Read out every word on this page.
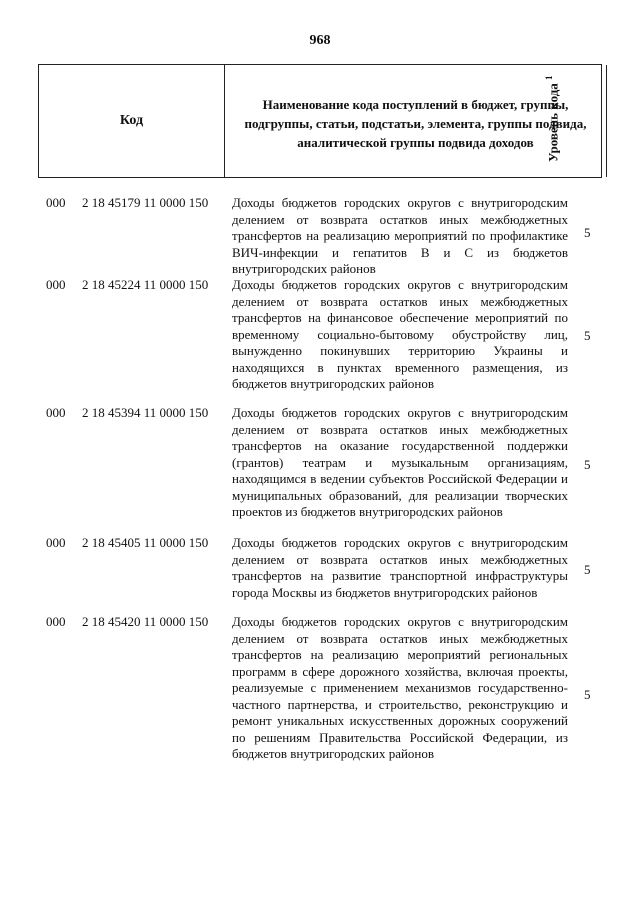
968
Код
Наименование кода поступлений в бюджет, группы, подгруппы, статьи, подстатьи, элемента, группы подвида, аналитической группы подвида доходов Уровень кода $^1$
000 2 18 45179 11 0000 150 Доходы бюджетов городских округов с внутригородским делением от возврата остатков иных межбюджетных трансфертов на реализацию мероприятий по профилактике ВИЧ-инфекции и гепатитов В и С из бюджетов внутригородских районов
5
000 2 18 45224 11 0000 150 Доходы бюджетов городских округов с внутригородским делением от возврата остатков иных межбюджетных трансфертов на финансовое обеспечение мероприятий по временному социально-бытовому обустройству лиц, вынужденно покинувших территорию Украины и находящихся в пунктах временного размещения, из бюджетов внутригородских районов
5
000 2 18 45394 11 0000 150 Доходы бюджетов городских округов с внутригородским делением от возврата остатков иных межбюджетных трансфертов на оказание государственной поддержки (грантов) театрам и музыкальным организациям, находящимся в ведении субъектов Российской Федерации и муниципальных образований, для реализации творческих проектов из бюджетов внутригородских районов
5
000 2 18 45405 11 0000 150 Доходы бюджетов городских округов с внутригородским делением от возврата остатков иных межбюджетных трансфертов на развитие транспортной инфраструктуры города Москвы из бюджетов внутригородских районов
5
000 2 18 45420 11 0000 150 Доходы бюджетов городских округов с внутригородским делением от возврата остатков иных межбюджетных трансфертов на реализацию мероприятий региональных программ в сфере дорожного хозяйства, включая проекты, реализуемые с применением механизмов государственно-частного партнерства, и строительство, реконструкцию и ремонт уникальных искусственных дорожных сооружений по решениям Правительства Российской Федерации, из бюджетов внутригородских районов
5
